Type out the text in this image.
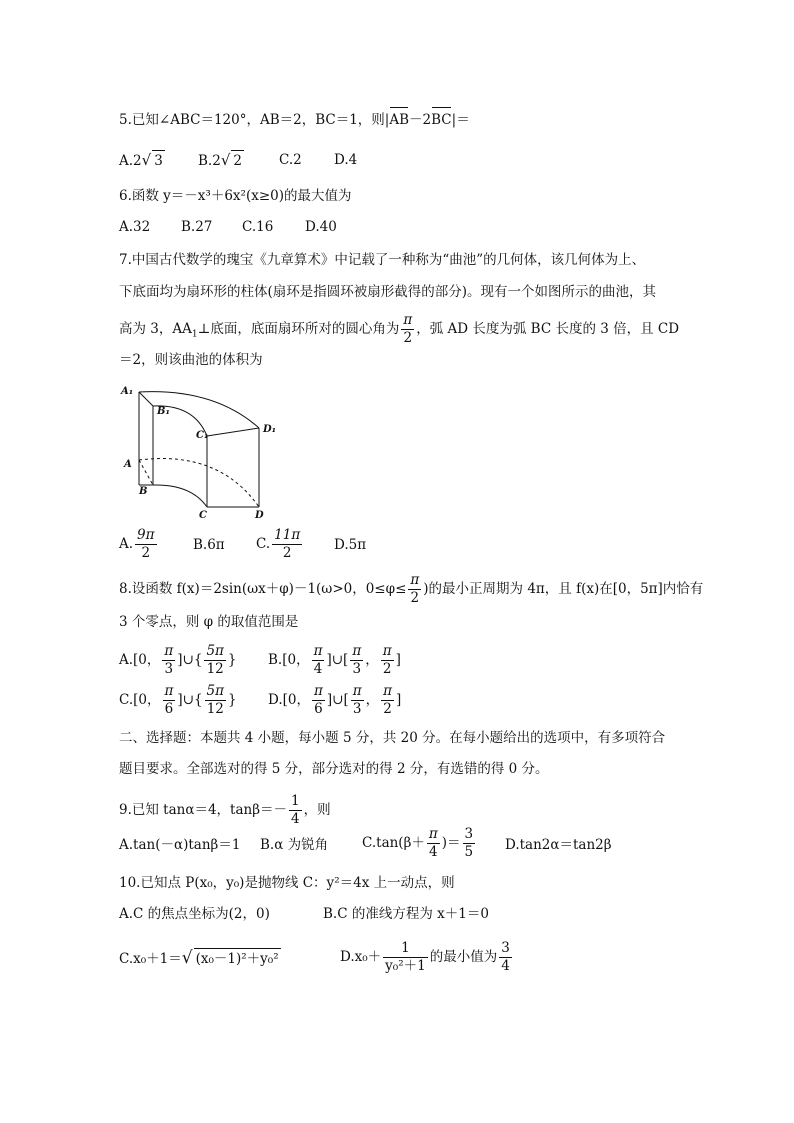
5.已知∠ABC＝120°，AB＝2，BC＝1，则|AB－2BC|＝
A.2√ 3	B.2√ 2	C.2 D.4
6.函数 y＝－x³＋6x²(x≥0)的最大值为
A.32 B.27 C.16 D.40
7.中国古代数学的瑰宝《九章算术》中记载了一种称为“曲池”的几何体，该几何体为上、
下底面均为扇环形的柱体(扇环是指圆环被扇形截得的部分)。现有一个如图所示的曲池，其
高为 3，$AA_1\perp$底面，底面扇环所对的圆心角为 $\frac{\pi}{2}$ ，弧 AD 长度为弧 BC 长度的 3 倍，且 CD
＝2，则该曲池的体积为
A₁
B₁
C₁
D₁
A
B
C	D
A. $\frac{9\pi}{2}$	B.6π C. $\frac{11\pi}{2} D.5\pi$
8.设函数 f(x)＝2sin(ωx＋φ)－1(ω>0，$0\le\varphi\le \frac{\pi}{2}$ )的最小正周期为 4π，且 f(x)在[0，5π]内恰有
3 个零点，则 φ 的取值范围是
A.[0， $\frac{\pi}{3}$ ]∪{ $\frac{5\pi}{12}$ } B.[0， $\frac{\pi}{4}$ ]∪[ $\frac{\pi}{3}$ ， $\frac{\pi}{2}$ ]
C.[0， $\frac{\pi}{6}$ ]∪{ $\frac{5\pi}{12}$ } D.[0， $\frac{\pi}{6}$ ]∪[ $\frac{\pi}{3}$ ， $\frac{\pi}{2}$ ]
二、选择题：本题共 4 小题，每小题 5 分，共 20 分。在每小题给出的选项中，有多项符合
题目要求。全部选对的得 5 分，部分选对的得 2 分，有选错的得 0 分。
9.已知 tanα＝4，$\tan\beta=- \frac{1}{4}$ ，则
A.tan(－α)tanβ＝1 B.α 为锐角	$C.\tan(\beta+ \frac{\pi}{4}$ )＝ $\frac{3}{5} D.\tan 2\alpha=\tan 2\beta$
10.已知点 P(x₀，y₀)是抛物线 C：y²＝4x 上一动点，则
A.C 的焦点坐标为(2，0)	B.C 的准线方程为 x＋1＝0
C.x₀＋1＝√ (x₀－1)²＋y₀²	$D.x_0+ \frac{1}{\text{y₀²＋1}}$ 的最小值为 $\frac{3}{4}$
